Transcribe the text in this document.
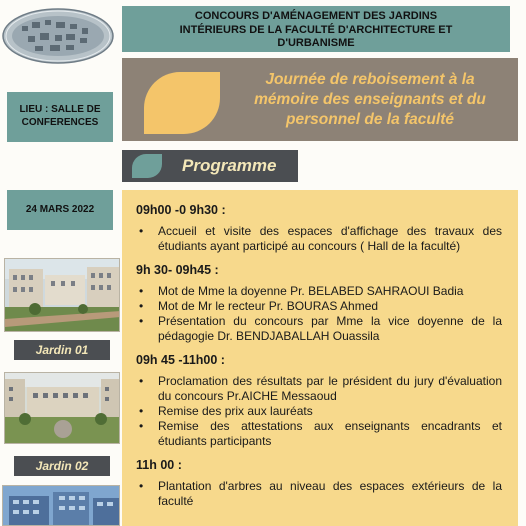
CONCOURS D'AMÉNAGEMENT DES JARDINS
INTÉRIEURS DE LA FACULTÉ D'ARCHITECTURE ET
D'URBANISME
Journée de reboisement à la
mémoire des enseignants et du
personnel de la faculté
LIEU : SALLE DE
CONFERENCES
Programme
24 MARS 2022
Jardin 01
Jardin 02
09h00 -0 9h30 :
• Accueil et visite des espaces d'affichage des travaux des étudiants ayant participé au concours ( Hall de la faculté)
9h 30- 09h45 :
• Mot de Mme la doyenne Pr. BELABED SAHRAOUI Badia
• Mot de Mr le recteur Pr. BOURAS Ahmed
• Présentation du concours par Mme la vice doyenne de la pédagogie Dr. BENDJABALLAH Ouassila
09h 45 -11h00 :
• Proclamation des résultats par le président du jury d'évaluation du concours Pr.AICHE Messaoud
• Remise des prix aux lauréats
• Remise des attestations aux enseignants encadrants et étudiants participants
11h 00 :
• Plantation d'arbres au niveau des espaces extérieurs de la faculté
